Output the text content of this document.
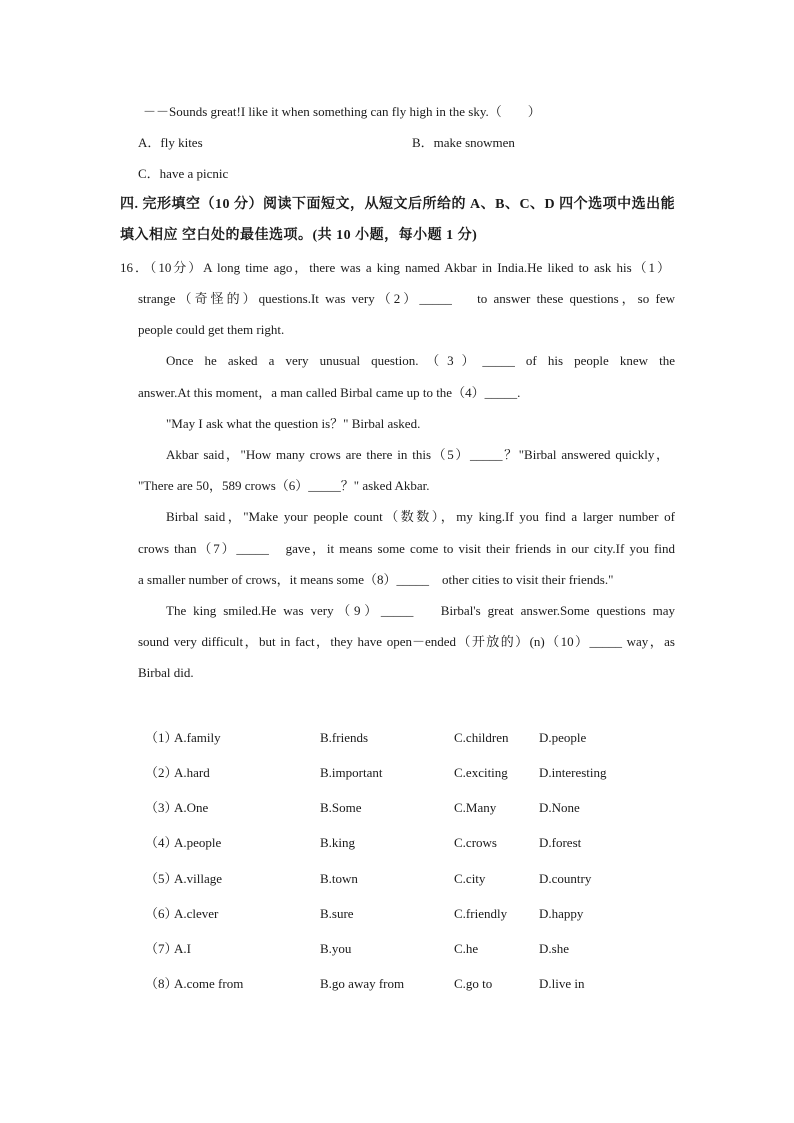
－－Sounds great!I like it when something can fly high in the sky.（　　）
A．fly kites	B．make snowmen
C．have a picnic
四. 完形填空（10 分）阅读下面短文，从短文后所给的 A、B、C、D 四个选项中选出能
填入相应 空白处的最佳选项。(共 10 小题，每小题 1 分)
16．（10分）A long time ago，there was a king named Akbar in India.He liked to ask his（1）
strange（奇怪的）questions.It was very（2）_____　 to answer these questions，so few
people could get them right.
Once he asked a very unusual question.（3）_____ of his people knew the
answer.At this moment，a man called Birbal came up to the（4）_____.
"May I ask what the question is？" Birbal asked.
Akbar said，"How many crows are there in this（5）_____？"Birbal answered quickly，
"There are 50，589 crows（6）_____？" asked Akbar.
Birbal said，"Make your people count（数数），my king.If you find a larger number of
crows than（7）_____　gave，it means some come to visit their friends in our city.If you find
a smaller number of crows，it means some（8）_____　other cities to visit their friends."
The king smiled.He was very（9）_____　 Birbal's great answer.Some questions may
sound very difficult，but in fact，they have open－ended（开放的）(n)（10）_____ way，as
Birbal did.
（1）
A.family	B.friends	C.children D.people
（2）
A.hard	B.important	C.exciting D.interesting
（3）
A.One	B.Some	C.Many	D.None
（4）
A.people	B.king	C.crows	D.forest
（5）
A.village	B.town	C.city	D.country
（6）
A.clever	B.sure	C.friendly D.happy
（7）
A.I	B.you	C.he	D.she
（8）
A.come from	B.go away from	C.go to	D.live in
